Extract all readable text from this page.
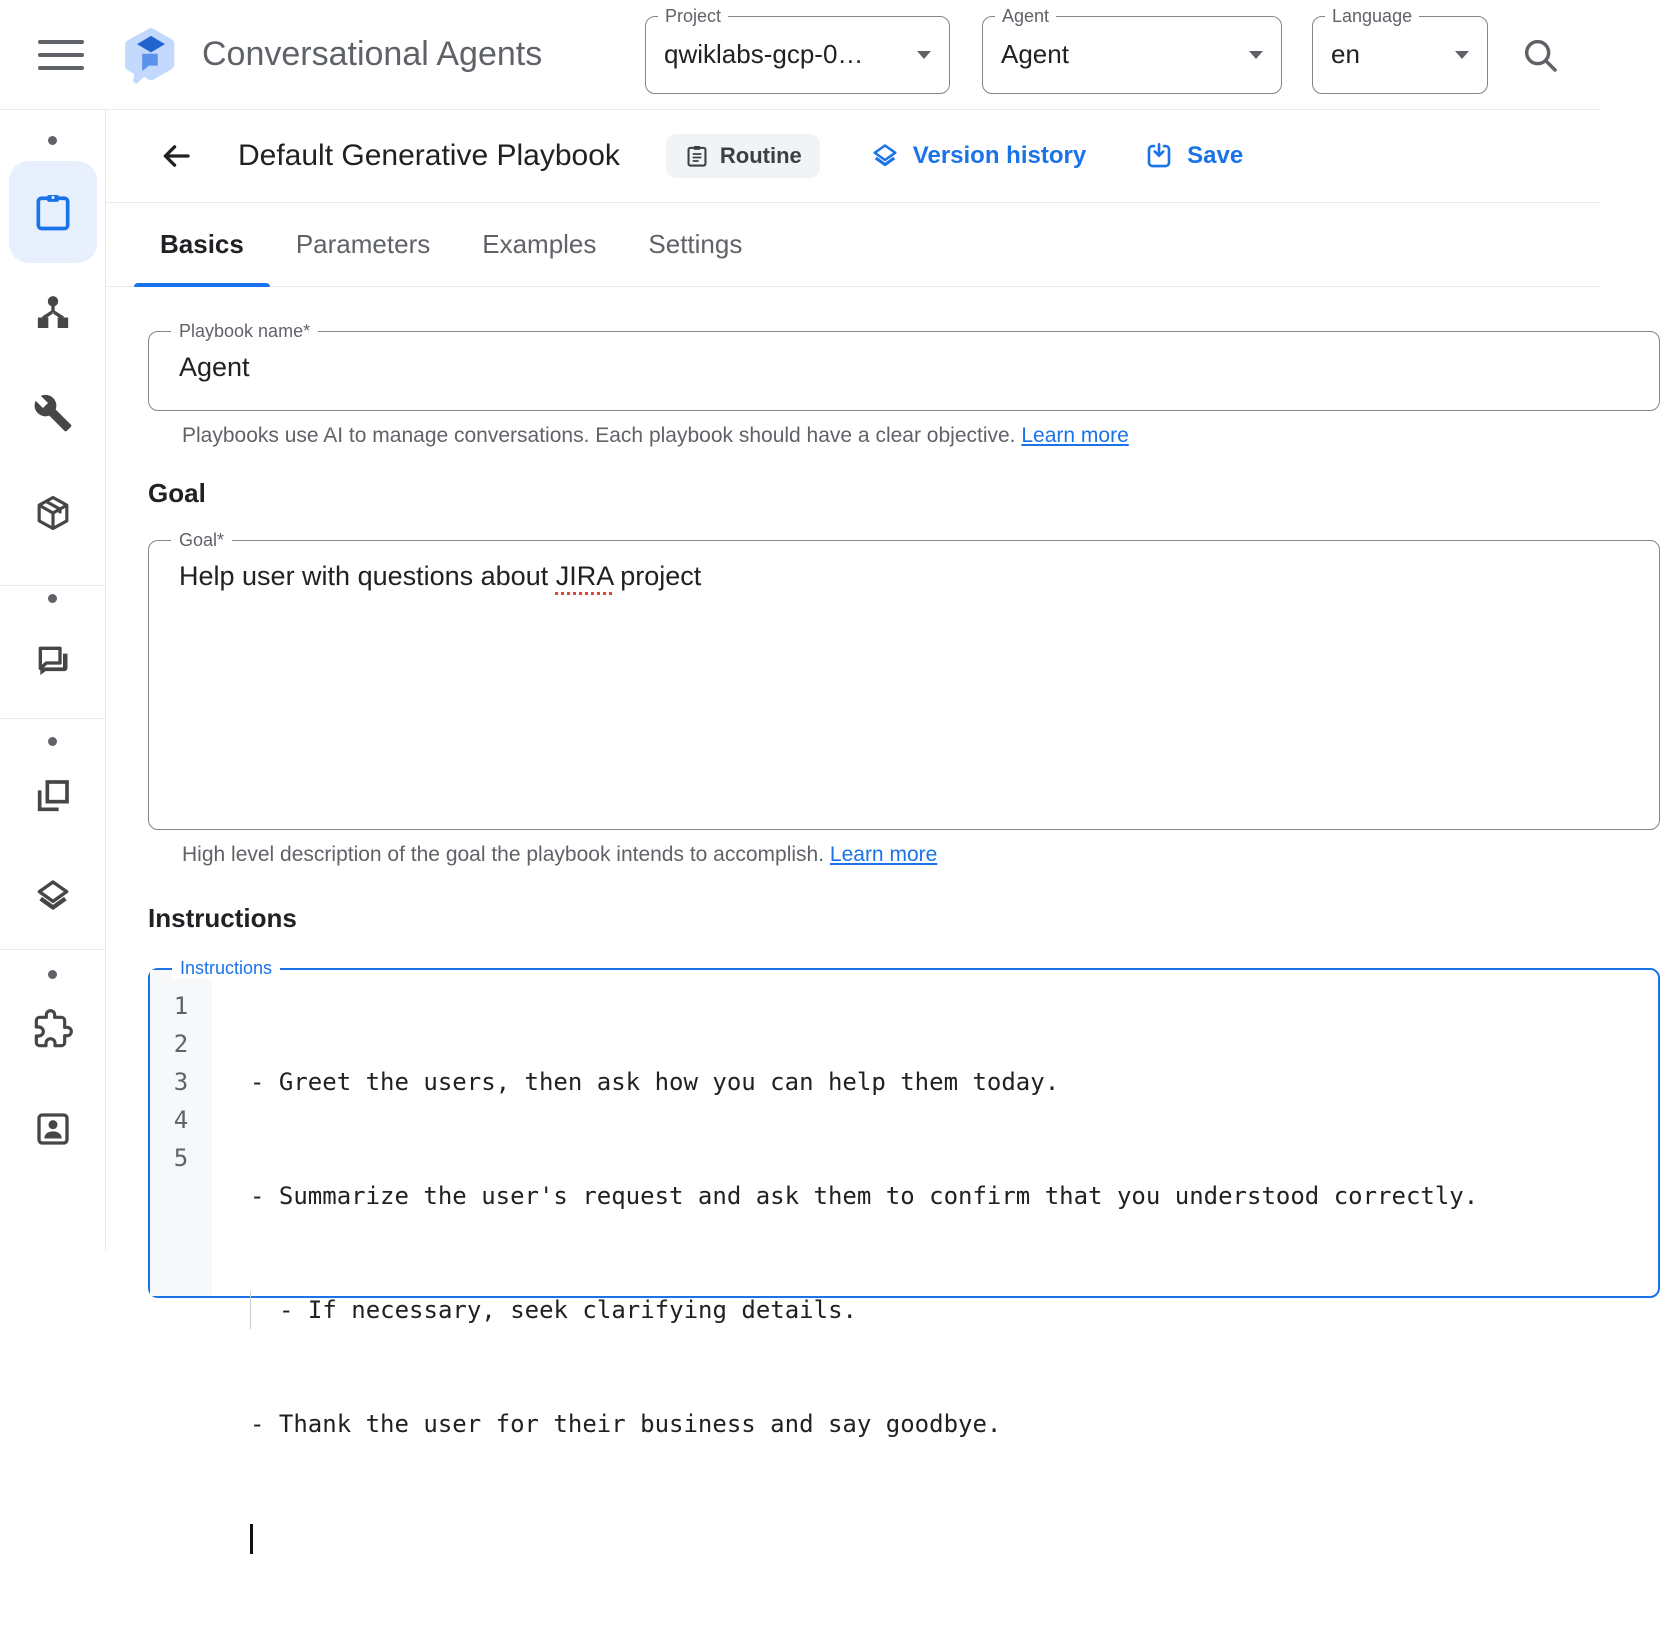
Conversational Agents
Project
qwiklabs-gcp-0…
Agent
Agent
Language
en
Default Generative Playbook	Routine	Version history	Save
Basics	Parameters	Examples	Settings
Playbook name*
Agent
Playbooks use AI to manage conversations. Each playbook should have a clear objective. Learn more
Goal
Goal*
Help user with questions about JIRA project
High level description of the goal the playbook intends to accomplish. Learn more
Instructions
Instructions
1
2
3
4
5

- Greet the users, then ask how you can help them today.

- Summarize the user's request and ask them to confirm that you understood correctly.

- If necessary, seek clarifying details.

- Thank the user for their business and say goodbye.
